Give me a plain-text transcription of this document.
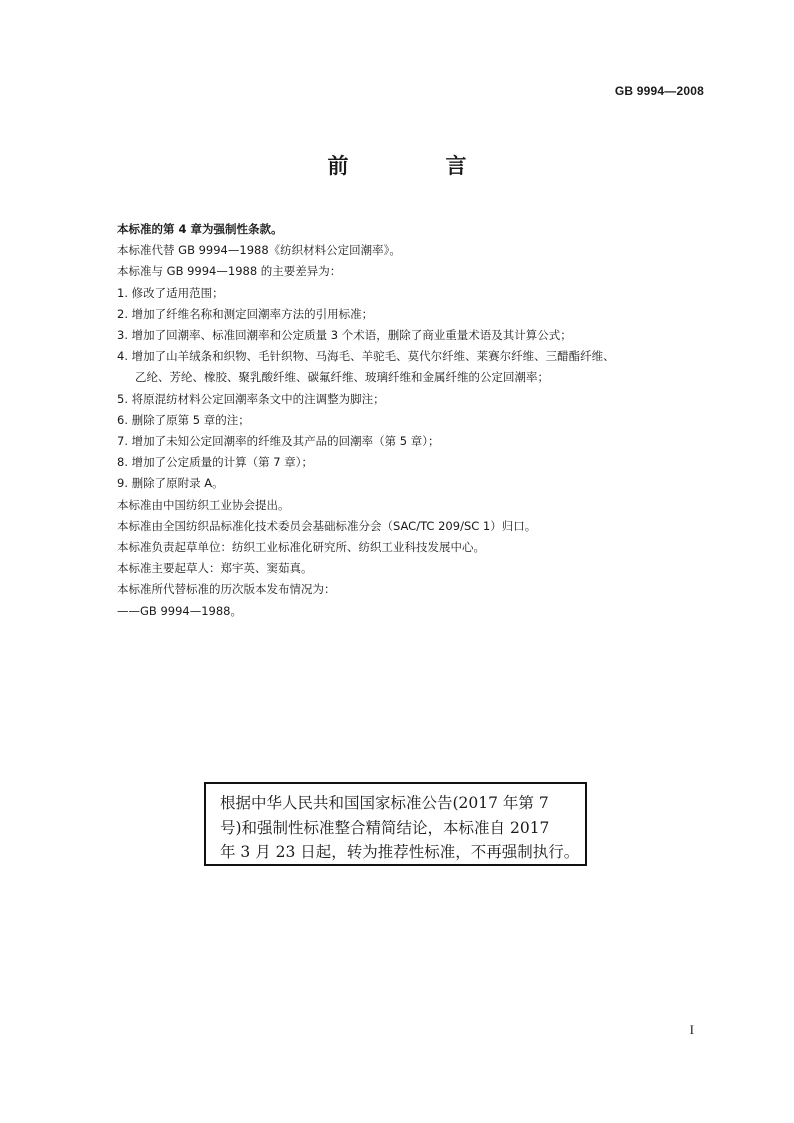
GB 9994—2008
前　言
本标准的第 4 章为强制性条款。
本标准代替 GB 9994—1988《纺织材料公定回潮率》。
本标准与 GB 9994—1988 的主要差异为：
1. 修改了适用范围；
2. 增加了纤维名称和测定回潮率方法的引用标准；
3. 增加了回潮率、标准回潮率和公定质量 3 个术语，删除了商业重量术语及其计算公式；
4. 增加了山羊绒条和织物、毛针织物、马海毛、羊驼毛、莫代尔纤维、莱赛尔纤维、三醋酯纤维、
乙纶、芳纶、橡胶、聚乳酸纤维、碳氟纤维、玻璃纤维和金属纤维的公定回潮率；
5. 将原混纺材料公定回潮率条文中的注调整为脚注；
6. 删除了原第 5 章的注；
7. 增加了未知公定回潮率的纤维及其产品的回潮率（第 5 章）；
8. 增加了公定质量的计算（第 7 章）；
9. 删除了原附录 A。
本标准由中国纺织工业协会提出。
本标准由全国纺织品标准化技术委员会基础标准分会（SAC/TC 209/SC 1）归口。
本标准负责起草单位：纺织工业标准化研究所、纺织工业科技发展中心。
本标准主要起草人：郑宇英、窦茹真。
本标准所代替标准的历次版本发布情况为：
——GB 9994—1988。
根据中华人民共和国国家标准公告(2017 年第 7
号)和强制性标准整合精简结论，本标准自 2017
年 3 月 23 日起，转为推荐性标准，不再强制执行。
I
